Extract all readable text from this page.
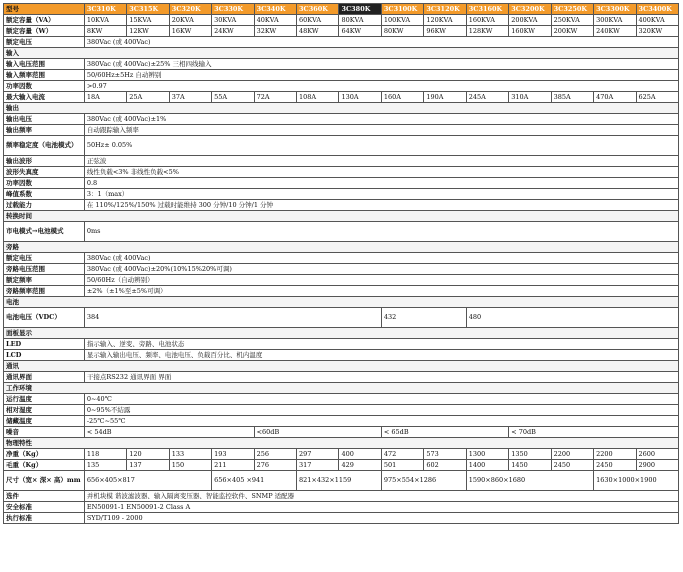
型号	3C310K	3C315K	3C320K	3C330K	3C340K	3C360K	3C380K	3C3100K	3C3120K	3C3160K	3C3200K	3C3250K	3C3300K	3C3400K
额定容量（VA）	10KVA	15KVA	20KVA	30KVA	40KVA	60KVA	80KVA	100KVA	120KVA	160KVA	200KVA	250KVA	300KVA	400KVA
额定容量（W）	8KW	12KW	16KW	24KW	32KW	48KW	64KW	80KW	96KW	128KW	160KW	200KW	240KW	320KW
额定电压	380Vac (或 400Vac)													
输入														
输入电压范围	380Vac (或 400Vac)±25% 三相四线输入													
输入频率范围	50/60Hz±5Hz 自动辨别													
功率因数	>0.97													
最大输入电流	18A	25A	37A	55A	72A	108A	130A	160A	190A	245A	310A	385A	470A	625A
输出														
输出电压	380Vac (或 400Vac)±1%													
输出频率	自动跟踪输入频率													
频率稳定度（电池模式）	50Hz± 0.05%													
输出波形	正弦波													
波形失真度	线性负载<3% 非线性负载<5%													
功率因数	0.8													
峰值系数	3：1（max）													
过载能力	在 110%/125%/150% 过载时能维持 300 分钟/10 分钟/1 分钟													
转换时间														
市电模式→电池模式	0ms													
旁路														
额定电压	380Vac (或 400Vac)													
旁路电压范围	380Vac (或 400Vac)±20%(10%15%20%可调)													
额定频率	50/60Hz（自动辨别）													
旁路频率范围	±2%（±1%至±5%可调）													
电池														
电池电压（VDC）	384							432		480				
面板显示														
LED	指示输入、逆变、旁路、电池状态													
LCD	显示输入输出电压、频率、电池电压、负载百分比、机内温度													
通讯														
通讯界面	干接点RS232 通讯界面 界面													
工作环境														
运行温度	0~40℃													
相对湿度	0~95%不結露													
储藏温度	-25℃~55℃													
噪音	< 54dB				<60dB			< 65dB			< 70dB			
物理特性														
净重（Kg）	118	120	133	193	256	297	400	472	573	1300	1350	2200	2200	2600
毛重（Kg）	135	137	150	211	276	317	429	501	602	1400	1450	2450	2450	2900
尺寸（宽× 深× 高）mm	656×405×817			656×405 ×941		821×432×1159		975×554×1286		1590×860×1680			1630×1000×1900	
选件	并机块模 谐波滤波器、输入隔离变压器、智能监控软件、SNMP 适配器													
安全标准	EN50091-1 EN50091-2 Class A													
执行标准	SYD/T109 - 2000													
